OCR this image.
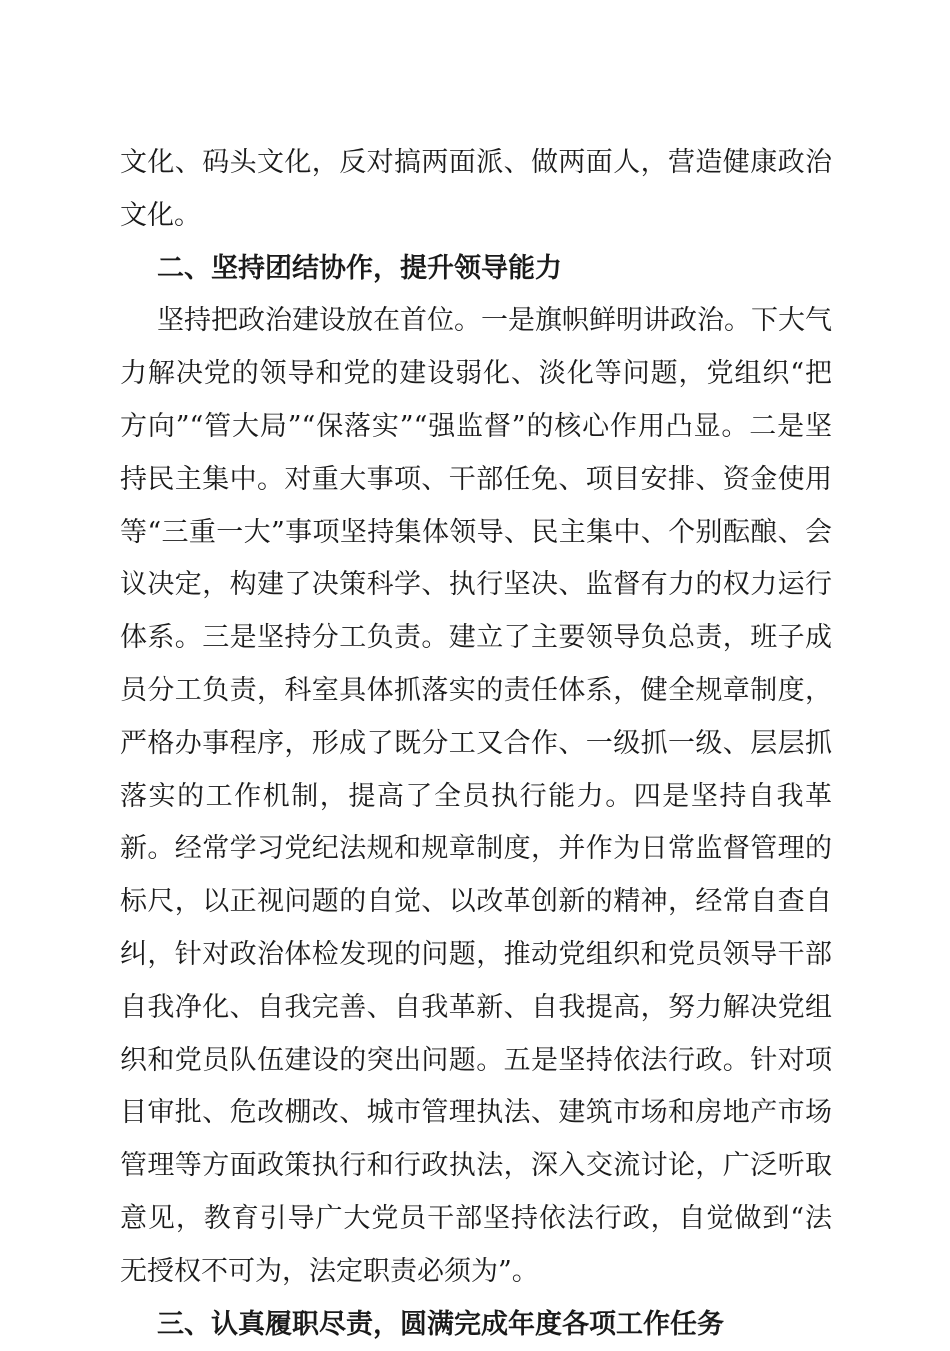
文化、码头文化，反对搞两面派、做两面人，营造健康政治文化。

二、坚持团结协作，提升领导能力

坚持把政治建设放在首位。一是旗帜鲜明讲政治。下大气力解决党的领导和党的建设弱化、淡化等问题，党组织“把方向”“管大局”“保落实”“强监督”的核心作用凸显。二是坚持民主集中。对重大事项、干部任免、项目安排、资金使用等“三重一大”事项坚持集体领导、民主集中、个别酝酿、会议决定，构建了决策科学、执行坚决、监督有力的权力运行体系。三是坚持分工负责。建立了主要领导负总责，班子成员分工负责，科室具体抓落实的责任体系，健全规章制度，严格办事程序，形成了既分工又合作、一级抓一级、层层抓落实的工作机制，提高了全员执行能力。四是坚持自我革新。经常学习党纪法规和规章制度，并作为日常监督管理的标尺，以正视问题的自觉、以改革创新的精神，经常自查自纠，针对政治体检发现的问题，推动党组织和党员领导干部自我净化、自我完善、自我革新、自我提高，努力解决党组织和党员队伍建设的突出问题。五是坚持依法行政。针对项目审批、危改棚改、城市管理执法、建筑市场和房地产市场管理等方面政策执行和行政执法，深入交流讨论，广泛听取意见，教育引导广大党员干部坚持依法行政，自觉做到“法无授权不可为，法定职责必须为”。

三、认真履职尽责，圆满完成年度各项工作任务
